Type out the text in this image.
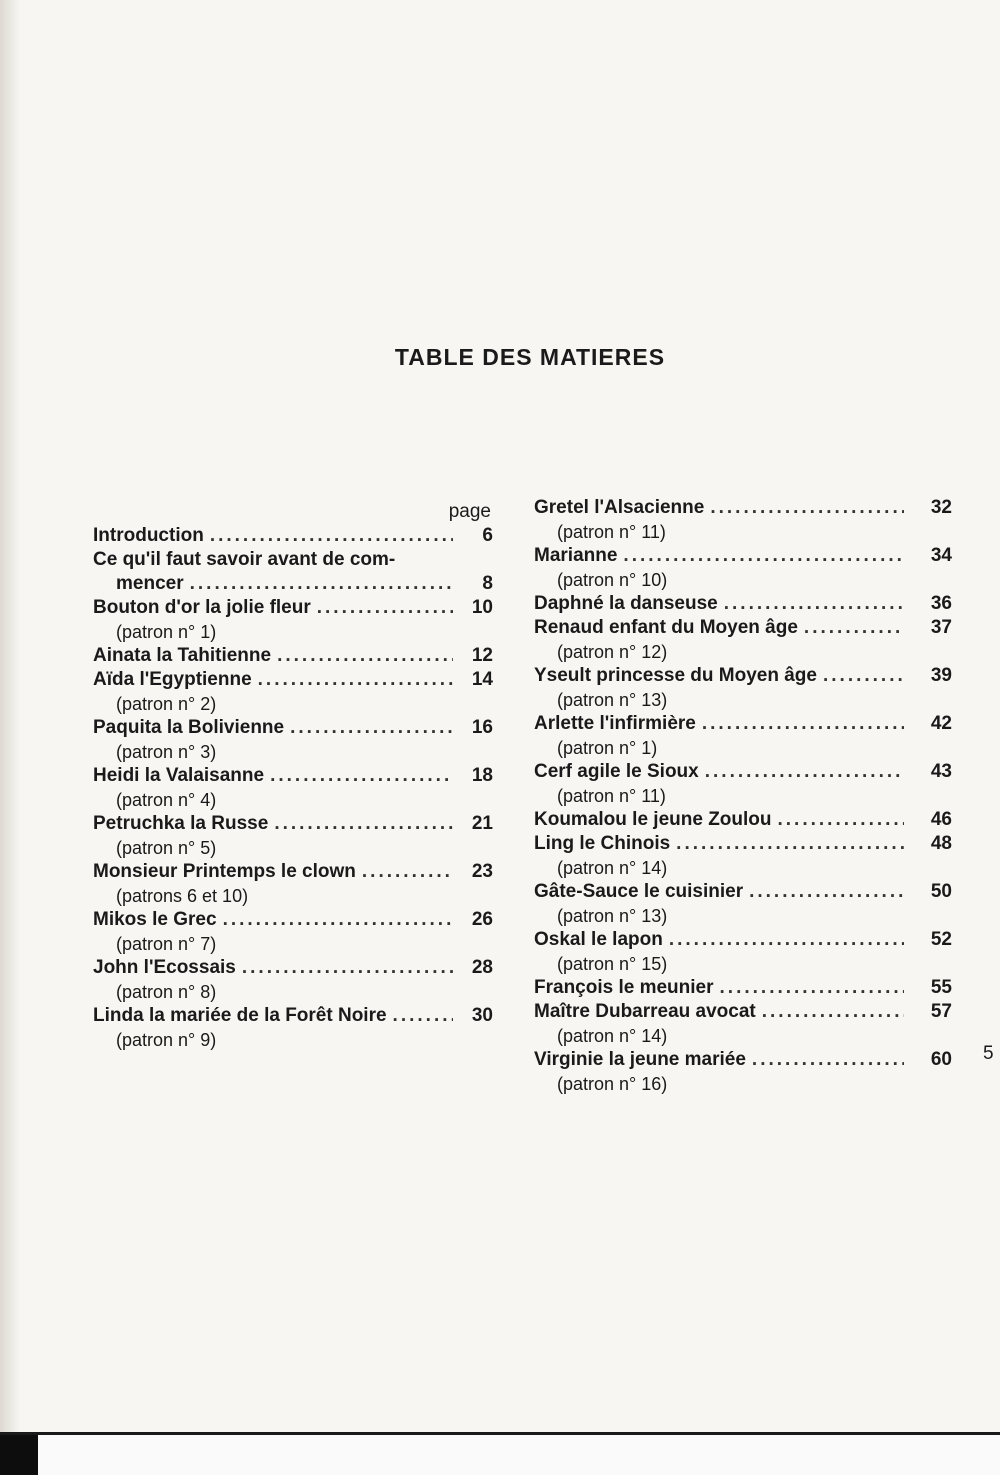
TABLE DES MATIERES
page
Introduction .....	6
Ce qu'il faut savoir avant de com-
mencer .....	8
Bouton d'or la jolie fleur .....	10
(patron n° 1)
Ainata la Tahitienne .....	12
Aïda l'Egyptienne .....	14
(patron n° 2)
Paquita la Bolivienne .....	16
(patron n° 3)
Heidi la Valaisanne .....	18
(patron n° 4)
Petruchka la Russe .....	21
(patron n° 5)
Monsieur Printemps le clown .....	23
(patrons 6 et 10)
Mikos le Grec .....	26
(patron n° 7)
John l'Ecossais .....	28
(patron n° 8)
Linda la mariée de la Forêt Noire .....	30
(patron n° 9)
Gretel l'Alsacienne .....	32
(patron n° 11)
Marianne .....	34
(patron n° 10)
Daphné la danseuse .....	36
Renaud enfant du Moyen âge .....	37
(patron n° 12)
Yseult princesse du Moyen âge .....	39
(patron n° 13)
Arlette l'infirmière .....	42
(patron n° 1)
Cerf agile le Sioux .....	43
(patron n° 11)
Koumalou le jeune Zoulou .....	46
Ling le Chinois .....	48
(patron n° 14)
Gâte-Sauce le cuisinier .....	50
(patron n° 13)
Oskal le lapon .....	52
(patron n° 15)
François le meunier .....	55
Maître Dubarreau avocat .....	57
(patron n° 14)
Virginie la jeune mariée .....	60
(patron n° 16)
5
